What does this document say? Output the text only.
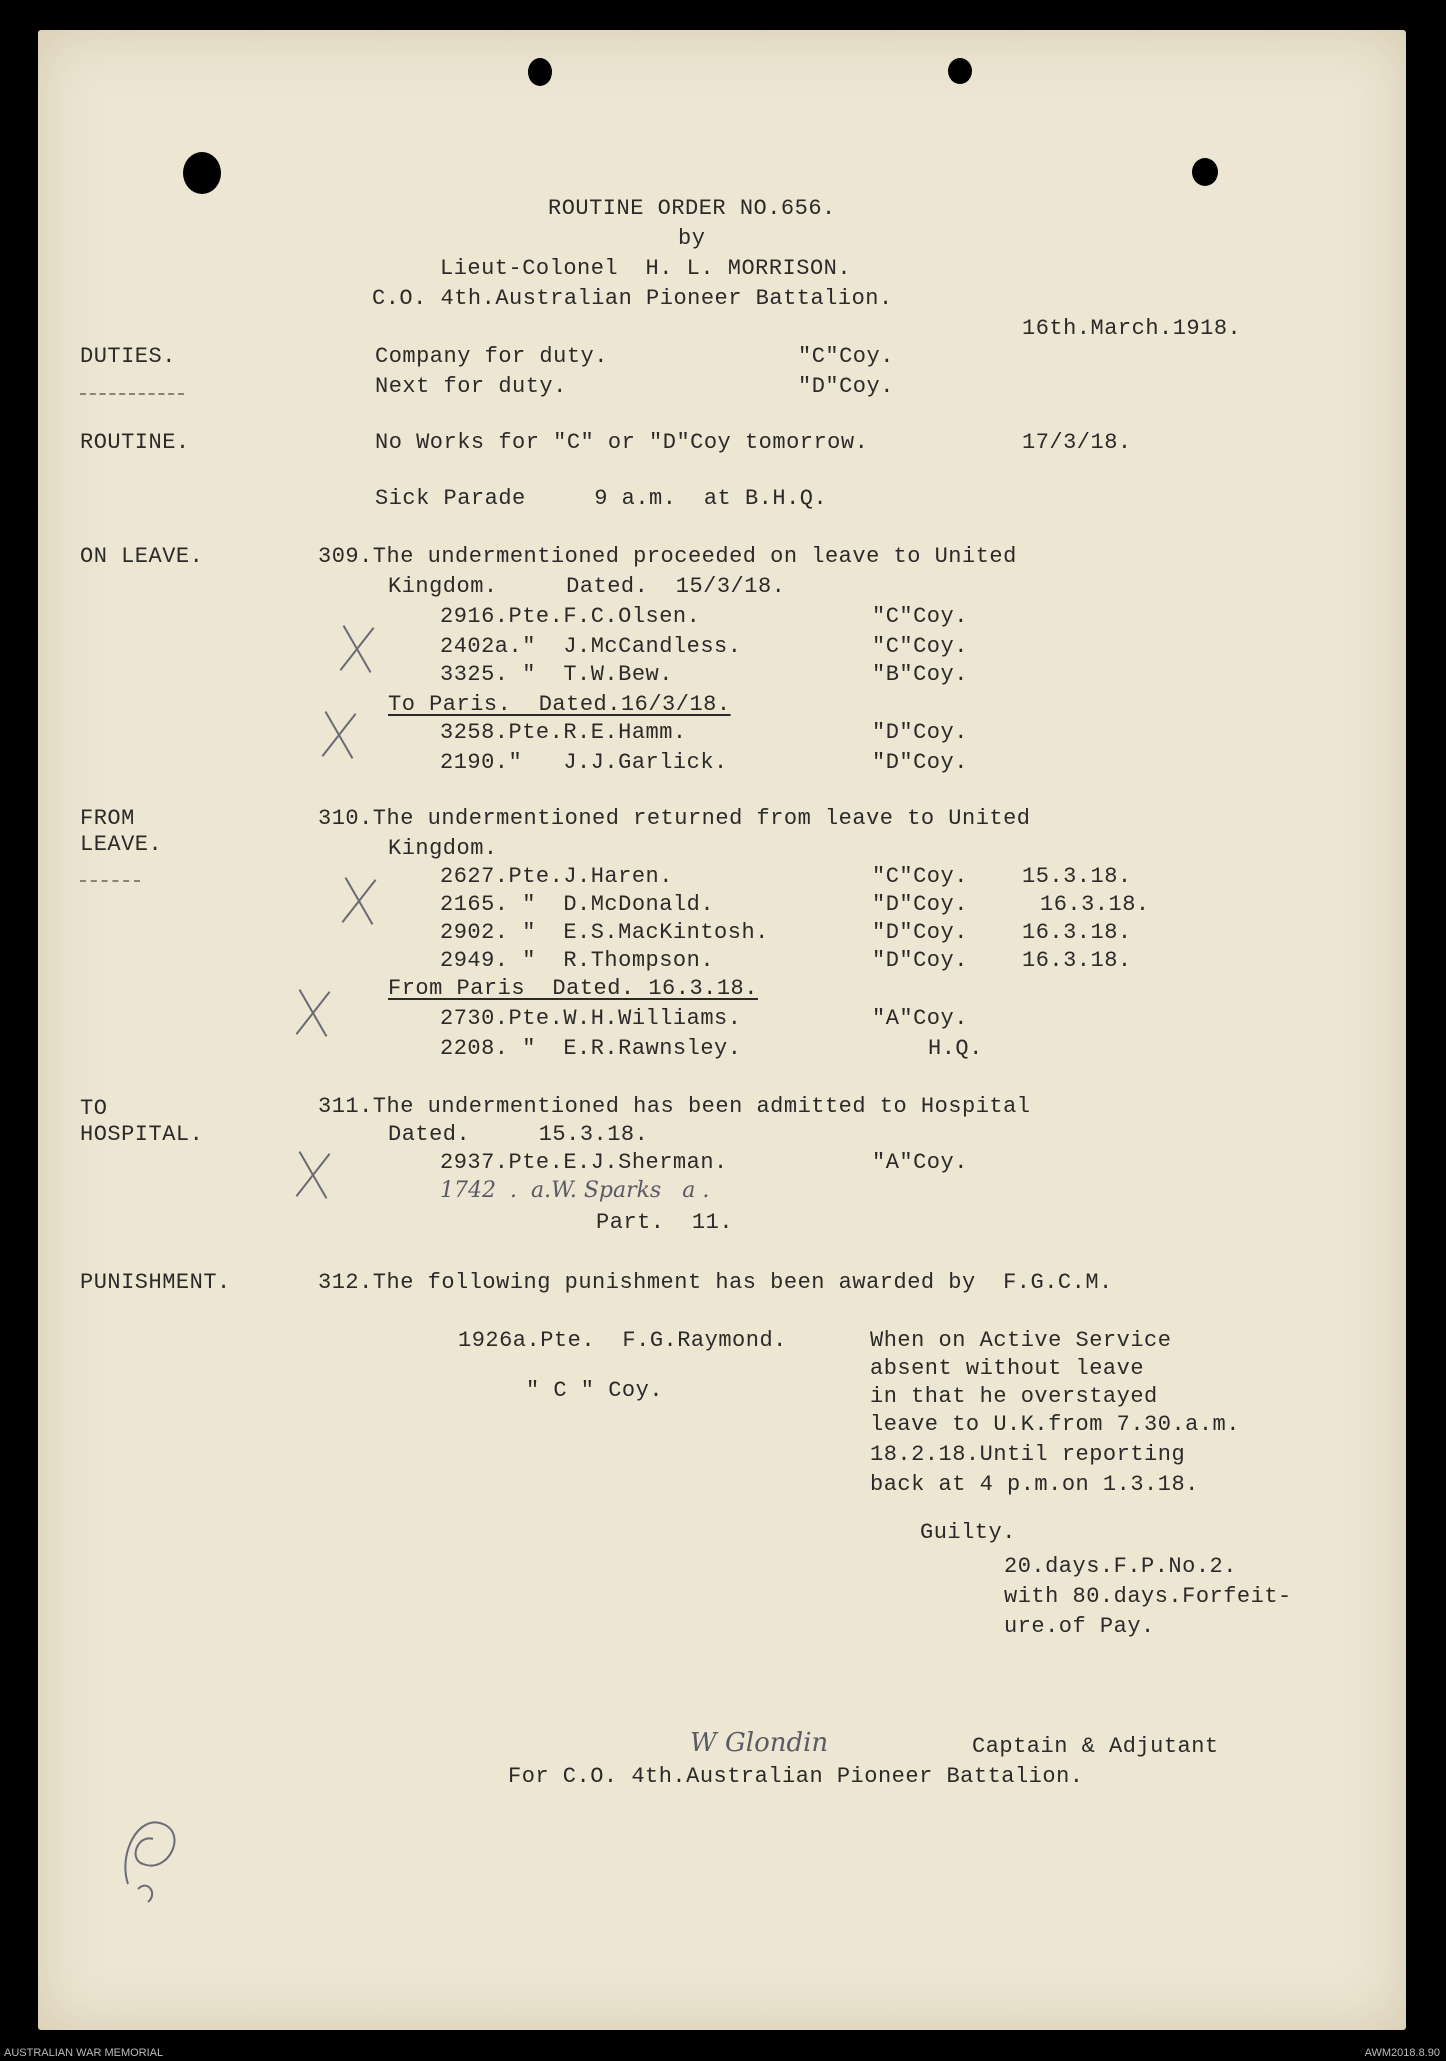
ROUTINE ORDER NO.656.
by
Lieut-Colonel  H. L. MORRISON.
C.O. 4th.Australian Pioneer Battalion.
16th.March.1918.
DUTIES.	Company for duty.	"C"Coy.
Next for duty.	"D"Coy.
ROUTINE.	No Works for "C" or "D"Coy tomorrow.	17/3/18.
Sick Parade     9 a.m.  at B.H.Q.
ON LEAVE.	309.The undermentioned proceeded on leave to United
Kingdom.     Dated.  15/3/18.
2916.Pte.F.C.Olsen.	"C"Coy.
2402a."  J.McCandless.	"C"Coy.
3325. "  T.W.Bew.	"B"Coy.
To Paris.  Dated.16/3/18.
3258.Pte.R.E.Hamm.	"D"Coy.
2190."   J.J.Garlick.	"D"Coy.
FROM
LEAVE.
310.The undermentioned returned from leave to United
Kingdom.
2627.Pte.J.Haren.	"C"Coy. 15.3.18.
2165. "  D.McDonald.	"D"Coy.	16.3.18.
2902. "  E.S.MacKintosh.	"D"Coy. 16.3.18.
2949. "  R.Thompson.	"D"Coy. 16.3.18.
From Paris  Dated. 16.3.18.
2730.Pte.W.H.Williams.	"A"Coy.
2208. "  E.R.Rawnsley.	H.Q.
TO
HOSPITAL.
311.The undermentioned has been admitted to Hospital
Dated.     15.3.18.
2937.Pte.E.J.Sherman.	"A"Coy.
1742  .  a.W. Sparks   a .
Part.  11.
PUNISHMENT.	312.The following punishment has been awarded by  F.G.C.M.
1926a.Pte.  F.G.Raymond.
" C " Coy.
When on Active Service
absent without leave
in that he overstayed
leave to U.K.from 7.30.a.m.
18.2.18.Until reporting
back at 4 p.m.on 1.3.18.
Guilty.
20.days.F.P.No.2.
with 80.days.Forfeit-
ure.of Pay.
W Glondin	Captain & Adjutant
For C.O. 4th.Australian Pioneer Battalion.
AUSTRALIAN WAR MEMORIAL	AWM2018.8.90
